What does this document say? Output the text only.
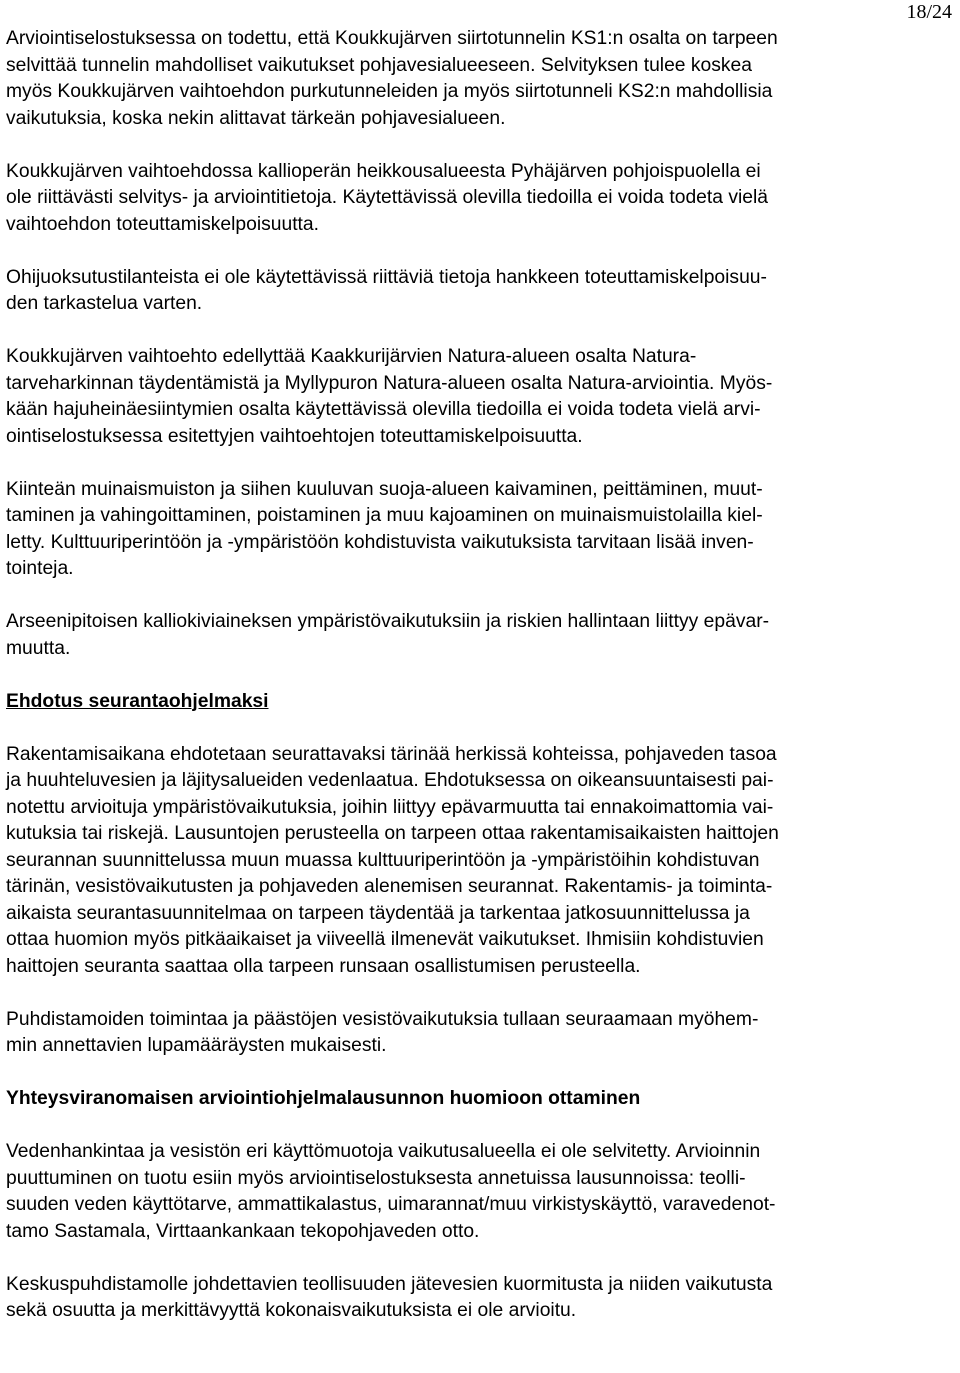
18/24
Arviointiselostuksessa on todettu, että Koukkujärven siirtotunnelin KS1:n osalta on tarpeen
selvittää tunnelin mahdolliset vaikutukset pohjavesialueeseen. Selvityksen tulee koskea
myös Koukkujärven vaihtoehdon purkutunneleiden ja myös siirtotunneli KS2:n mahdollisia
vaikutuksia, koska nekin alittavat tärkeän pohjavesialueen.
Koukkujärven vaihtoehdossa kallioperän heikkousalueesta Pyhäjärven pohjoispuolella ei
ole riittävästi selvitys- ja arviointitietoja. Käytettävissä olevilla tiedoilla ei voida todeta vielä
vaihtoehdon toteuttamiskelpoisuutta.
Ohijuoksutustilanteista ei ole käytettävissä riittäviä tietoja hankkeen toteuttamiskelpoisuu-
den tarkastelua varten.
Koukkujärven vaihtoehto edellyttää Kaakkurijärvien Natura-alueen osalta Natura-
tarveharkinnan täydentämistä ja Myllypuron Natura-alueen osalta Natura-arviointia. Myös-
kään hajuheinäesiintymien osalta käytettävissä olevilla tiedoilla ei voida todeta vielä arvi-
ointiselostuksessa esitettyjen vaihtoehtojen toteuttamiskelpoisuutta.
Kiinteän muinaismuiston ja siihen kuuluvan suoja-alueen kaivaminen, peittäminen, muut-
taminen ja vahingoittaminen, poistaminen ja muu kajoaminen on muinaismuistolailla kiel-
letty. Kulttuuriperintöön ja -ympäristöön kohdistuvista vaikutuksista tarvitaan lisää inven-
tointeja.
Arseenipitoisen kalliokiviaineksen ympäristövaikutuksiin ja riskien hallintaan liittyy epävar-
muutta.
Ehdotus seurantaohjelmaksi
Rakentamisaikana ehdotetaan seurattavaksi tärinää herkissä kohteissa, pohjaveden tasoa
ja huuhteluvesien ja läjitysalueiden vedenlaatua. Ehdotuksessa on oikeansuuntaisesti pai-
notettu arvioituja ympäristövaikutuksia, joihin liittyy epävarmuutta tai ennakoimattomia vai-
kutuksia tai riskejä. Lausuntojen perusteella on tarpeen ottaa rakentamisaikaisten haittojen
seurannan suunnittelussa muun muassa kulttuuriperintöön ja -ympäristöihin kohdistuvan
tärinän, vesistövaikutusten ja pohjaveden alenemisen seurannat. Rakentamis- ja toiminta-
aikaista seurantasuunnitelmaa on tarpeen täydentää ja tarkentaa jatkosuunnittelussa ja
ottaa huomion myös pitkäaikaiset ja viiveellä ilmenevät vaikutukset. Ihmisiin kohdistuvien
haittojen seuranta saattaa olla tarpeen runsaan osallistumisen perusteella.
Puhdistamoiden toimintaa ja päästöjen vesistövaikutuksia tullaan seuraamaan myöhem-
min annettavien lupamääräysten mukaisesti.
Yhteysviranomaisen arviointiohjelmalausunnon huomioon ottaminen
Vedenhankintaa ja vesistön eri käyttömuotoja vaikutusalueella ei ole selvitetty. Arvioinnin
puuttuminen on tuotu esiin myös arviointiselostuksesta annetuissa lausunnoissa: teolli-
suuden veden käyttötarve, ammattikalastus, uimarannat/muu virkistyskäyttö, varavedenot-
tamo Sastamala, Virttaankankaan tekopohjaveden otto.
Keskuspuhdistamolle johdettavien teollisuuden jätevesien kuormitusta ja niiden vaikutusta
sekä osuutta ja merkittävyyttä kokonaisvaikutuksista ei ole arvioitu.
